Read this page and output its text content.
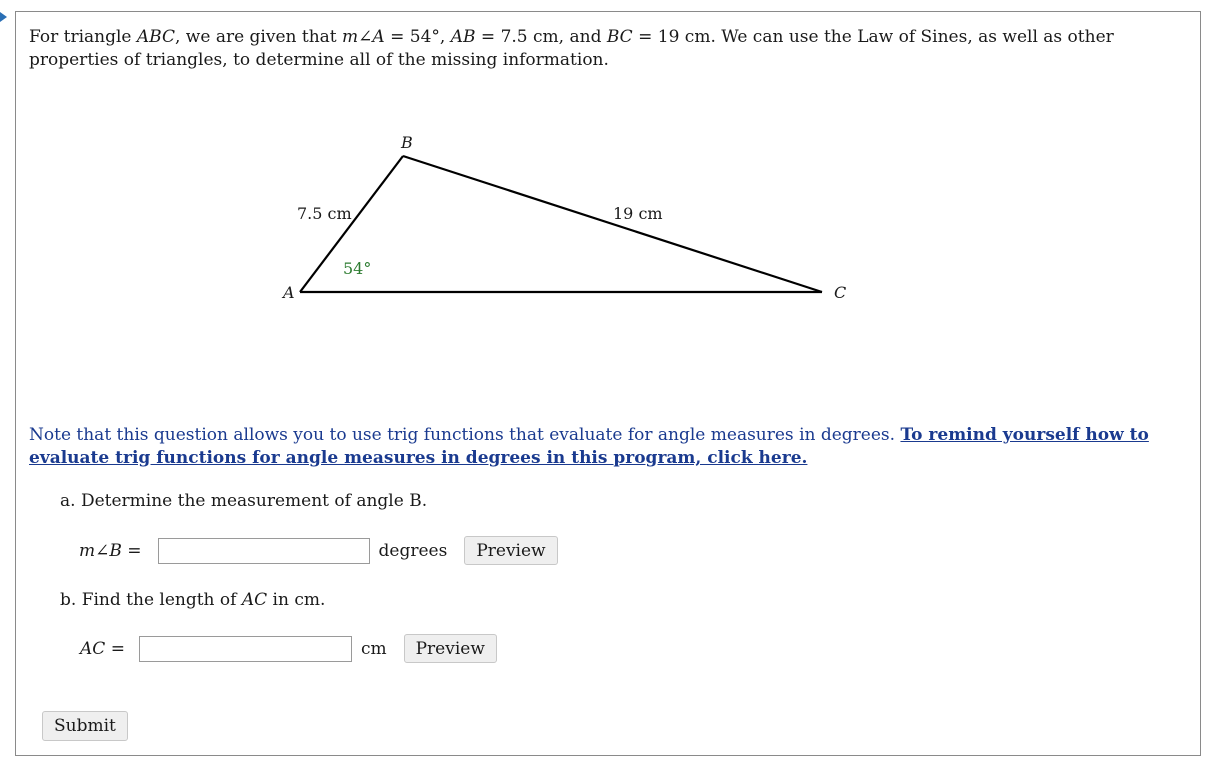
For triangle ABC, we are given that m∠A = 54°, AB = 7.5 cm, and BC = 19 cm. We can use the Law of Sines, as well as other properties of triangles, to determine all of the missing information.
B
A	C
7.5 cm	19 cm
54°
Note that this question allows you to use trig functions that evaluate for angle measures in degrees. To remind yourself how to evaluate trig functions for angle measures in degrees in this program, click here.
a. Determine the measurement of angle B.
m∠B =	degrees	Preview
b. Find the length of AC in cm.
AC =	cm	Preview
Submit
